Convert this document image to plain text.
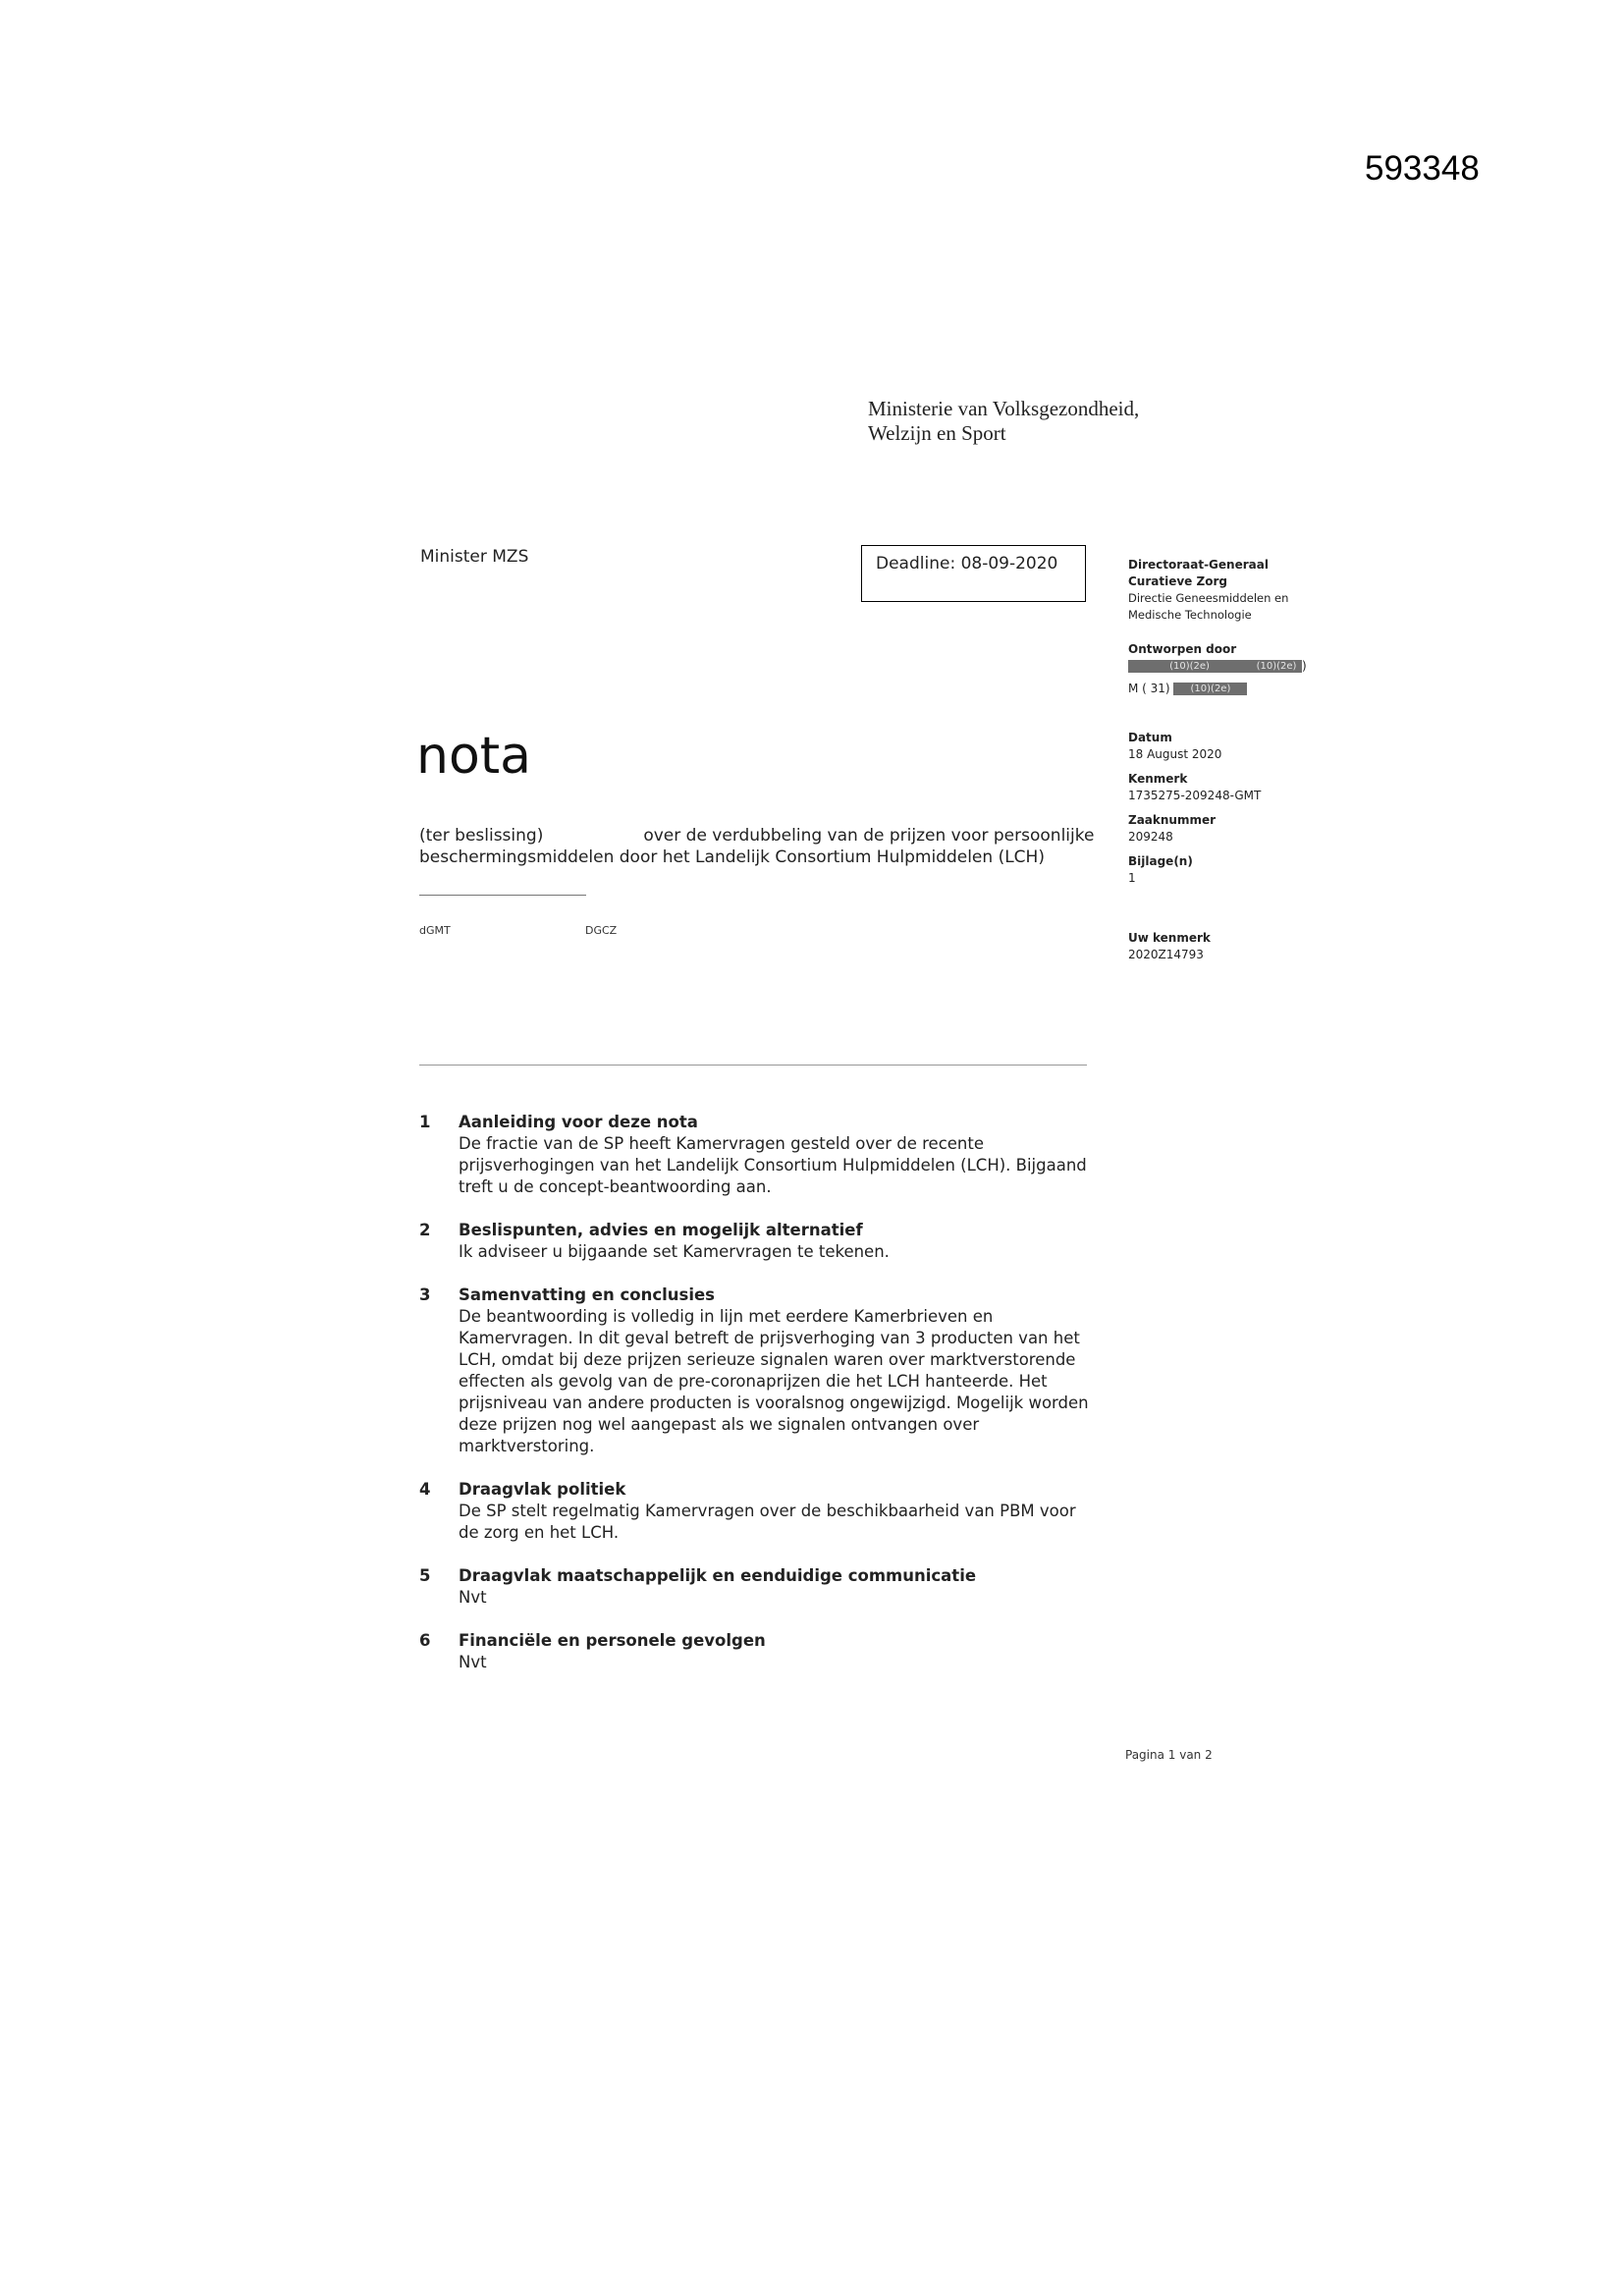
593348
Ministerie van Volksgezondheid,
Welzijn en Sport
Minister MZS	Deadline: 08-09-2020	Directoraat-Generaal
Curatieve Zorg
Directie Geneesmiddelen en
Medische Technologie
Ontworpen door
(10)(2e)	(10)(2e) )
M ( 31) (10)(2e)
Datum
18 August 2020
Kenmerk
1735275-209248-GMT
Zaaknummer
209248
Bijlage(n)
1
Uw kenmerk
2020Z14793
nota
(ter beslissing)	over de verdubbeling van de prijzen voor persoonlijke
beschermingsmiddelen door het Landelijk Consortium Hulpmiddelen (LCH)
dGMT	DGCZ
1 Aanleiding voor deze nota
De fractie van de SP heeft Kamervragen gesteld over de recente
prijsverhogingen van het Landelijk Consortium Hulpmiddelen (LCH). Bijgaand
treft u de concept-beantwoording aan.
2 Beslispunten, advies en mogelijk alternatief
Ik adviseer u bijgaande set Kamervragen te tekenen.
3 Samenvatting en conclusies
De beantwoording is volledig in lijn met eerdere Kamerbrieven en
Kamervragen. In dit geval betreft de prijsverhoging van 3 producten van het
LCH, omdat bij deze prijzen serieuze signalen waren over marktverstorende
effecten als gevolg van de pre-coronaprijzen die het LCH hanteerde. Het
prijsniveau van andere producten is vooralsnog ongewijzigd. Mogelijk worden
deze prijzen nog wel aangepast als we signalen ontvangen over
marktverstoring.
4 Draagvlak politiek
De SP stelt regelmatig Kamervragen over de beschikbaarheid van PBM voor
de zorg en het LCH.
5 Draagvlak maatschappelijk en eenduidige communicatie
Nvt
6 Financiële en personele gevolgen
Nvt
Pagina 1 van 2
